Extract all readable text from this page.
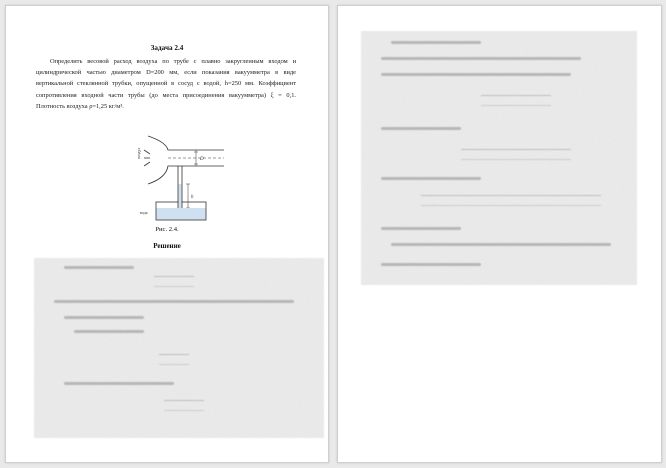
Задача 2.4

Определить весовой расход воздуха по трубе с плавно закругленным входом и цилиндрической частью диаметром D=200 мм, если показания вакуумметра в виде вертикальной стеклянной трубки, опущенной в сосуд с водой, h=250 мм. Коэффициент сопротивления входной части трубы (до места присоединения вакуумметра) ξ = 0,1. Плотность воздуха ρ=1,25 кг/м³.

воздух
D
h
вода
Рис. 2.4.
Решение
